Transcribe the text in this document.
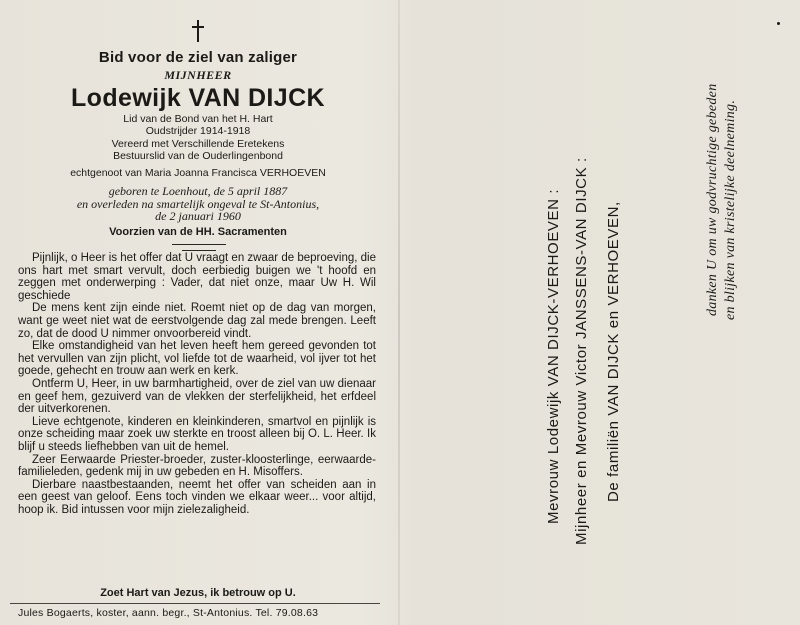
Bid voor de ziel van zaliger
MIJNHEER
Lodewijk VAN DIJCK
Lid van de Bond van het H. Hart
Oudstrijder 1914-1918
Vereerd met Verschillende Eretekens
Bestuurslid van de Ouderlingenbond
echtgenoot van Maria Joanna Francisca VERHOEVEN
geboren te Loenhout, de 5 april 1887
en overleden na smartelijk ongeval te St-Antonius,
de 2 januari 1960
Voorzien van de HH. Sacramenten

Pijnlijk, o Heer is het offer dat U vraagt en zwaar de beproeving, die ons hart met smart vervult, doch eerbiedig buigen we 't hoofd en zeggen met onderwerping : Vader, dat niet onze, maar Uw H. Wil geschiede

De mens kent zijn einde niet. Roemt niet op de dag van morgen, want ge weet niet wat de eerstvolgende dag zal mede brengen. Leeft zo, dat de dood U nimmer onvoorbereid vindt.

Elke omstandigheid van het leven heeft hem gereed gevonden tot het vervullen van zijn plicht, vol liefde tot de waarheid, vol ijver tot het goede, gehecht en trouw aan werk en kerk.

Ontferm U, Heer, in uw barmhartigheid, over de ziel van uw dienaar en geef hem, gezuiverd van de vlekken der sterfelijkheid, het erfdeel der uitverkorenen.

Lieve echtgenote, kinderen en kleinkinderen, smartvol en pijnlijk is onze scheiding maar zoek uw sterkte en troost alleen bij O. L. Heer. Ik blijf u steeds liefhebben van uit de hemel.

Zeer Eerwaarde Priester-broeder, zuster-kloosterlinge, eerwaarde-familieleden, gedenk mij in uw gebeden en H. Misoffers.

Dierbare naastbestaanden, neemt het offer van scheiden aan in een geest van geloof. Eens toch vinden we elkaar weer... voor altijd, hoop ik. Bid intussen voor mijn zielezaligheid.

Zoet Hart van Jezus, ik betrouw op U.
Jules Bogaerts, koster, aann. begr., St-Antonius. Tel. 79.08.63
Mevrouw Lodewijk VAN DIJCK-VERHOEVEN : Mijnheer en Mevrouw Victor JANSSENS-VAN DIJCK : De familiën VAN DIJCK en VERHOEVEN,
danken U om uw godvruchtige gebeden en blijken van kristelijke deelneming.
